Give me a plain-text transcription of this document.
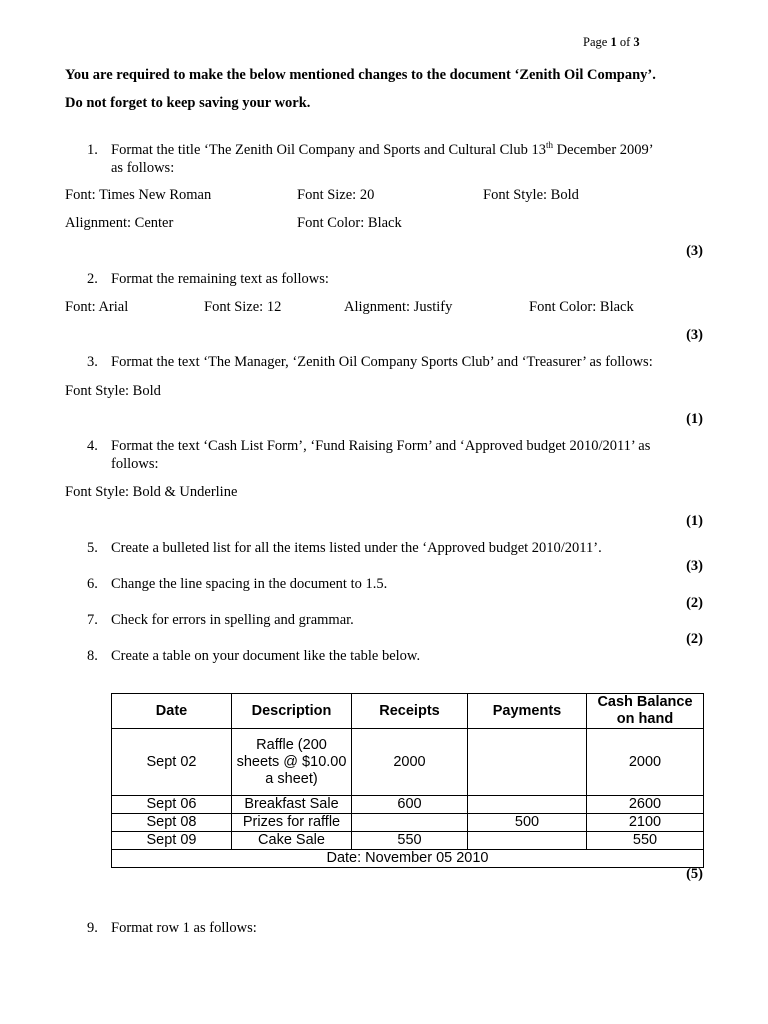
Page 1 of 3
You are required to make the below mentioned changes to the document ‘Zenith Oil Company’.
Do not forget to keep saving your work.
1. Format the title ‘The Zenith Oil Company and Sports and Cultural Club 13th December 2009’
as follows:
Font: Times New Roman	Font Size: 20	Font Style: Bold
Alignment: Center	Font Color: Black
(3)
2. Format the remaining text as follows:
Font: Arial	Font Size: 12	Alignment: Justify	Font Color: Black
(3)
3. Format the text ‘The Manager, ‘Zenith Oil Company Sports Club’ and ‘Treasurer’ as follows:
Font Style: Bold
(1)
4. Format the text ‘Cash List Form’, ‘Fund Raising Form’ and ‘Approved budget 2010/2011’ as
follows:
Font Style: Bold & Underline
(1)
5. Create a bulleted list for all the items listed under the ‘Approved budget 2010/2011’.
(3)
6. Change the line spacing in the document to 1.5.
(2)
7. Check for errors in spelling and grammar.
(2)
8. Create a table on your document like the table below.
Date	Description	Receipts	Payments	Cash Balance on hand
Sept 02	Raffle (200 sheets @ $10.00 a sheet)	2000		2000
Sept 06	Breakfast Sale	600		2600
Sept 08	Prizes for raffle		500	2100
Sept 09	Cake Sale	550		550
Date: November 05 2010				
(5)
9. Format row 1 as follows:
